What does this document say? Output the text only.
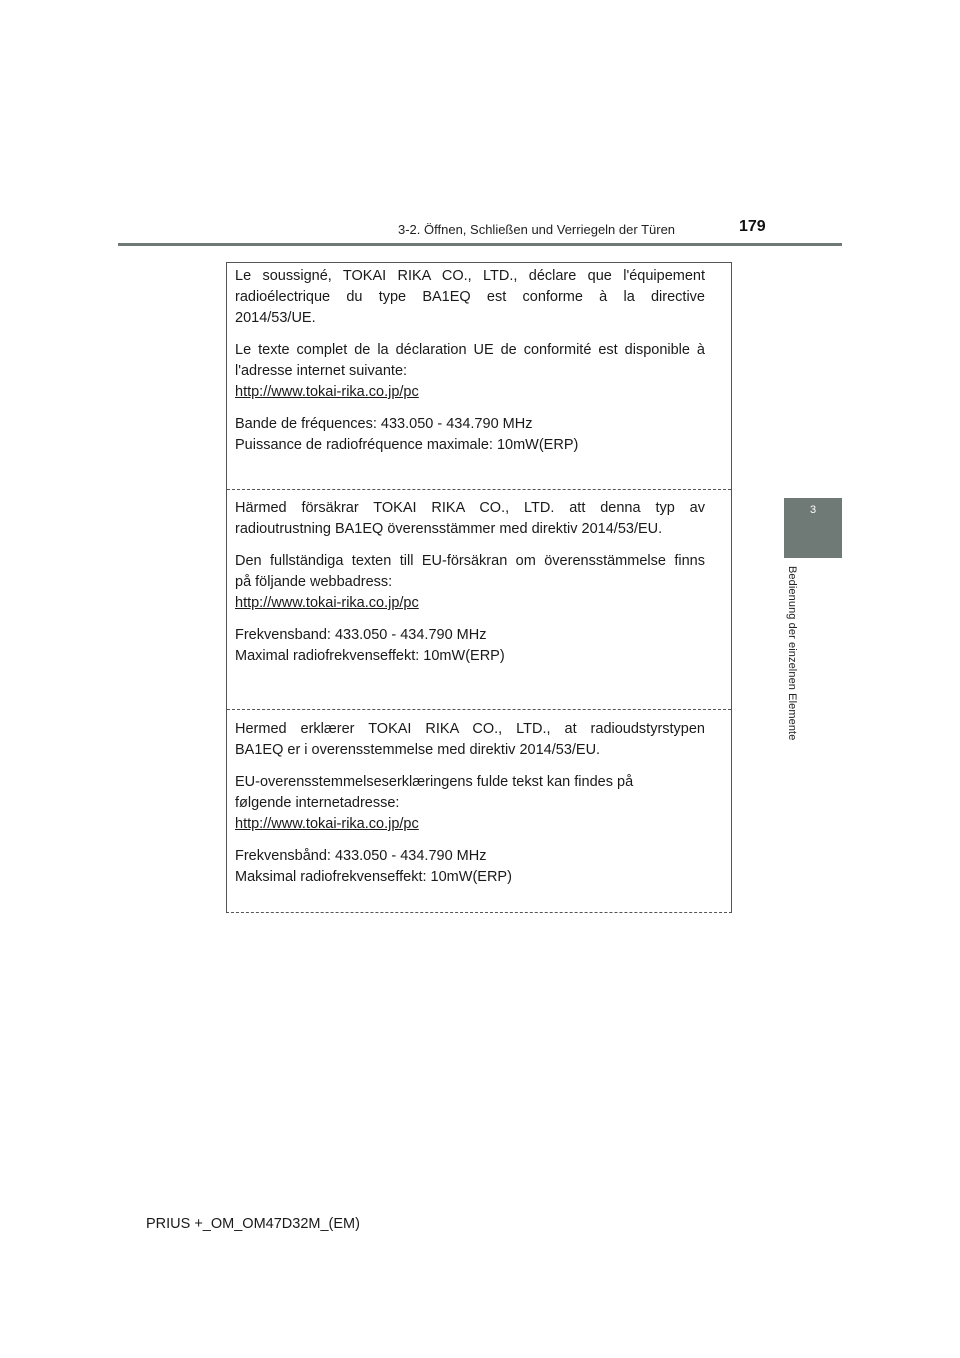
3-2. Öffnen, Schließen und Verriegeln der Türen	179
3
Bedienung der einzelnen Elemente

Le soussigné, TOKAI RIKA CO., LTD., déclare que l'équipement
radioélectrique du type BA1EQ est conforme à la directive
2014/53/UE.

Le texte complet de la déclaration UE de conformité est disponible à
l'adresse internet suivante:
http://www.tokai-rika.co.jp/pc

Bande de fréquences: 433.050 - 434.790 MHz
Puissance de radiofréquence maximale: 10mW(ERP)

Härmed försäkrar TOKAI RIKA CO., LTD. att denna typ av
radioutrustning BA1EQ överensstämmer med direktiv 2014/53/EU.

Den fullständiga texten till EU-försäkran om överensstämmelse finns
på följande webbadress:
http://www.tokai-rika.co.jp/pc

Frekvensband: 433.050 - 434.790 MHz
Maximal radiofrekvenseffekt: 10mW(ERP)

Hermed erklærer TOKAI RIKA CO., LTD., at radioudstyrstypen
BA1EQ er i overensstemmelse med direktiv 2014/53/EU.

EU-overensstemmelseserklæringens fulde tekst kan findes på
følgende internetadresse:
http://www.tokai-rika.co.jp/pc

Frekvensbånd: 433.050 - 434.790 MHz
Maksimal radiofrekvenseffekt: 10mW(ERP)

PRIUS +_OM_OM47D32M_(EM)
